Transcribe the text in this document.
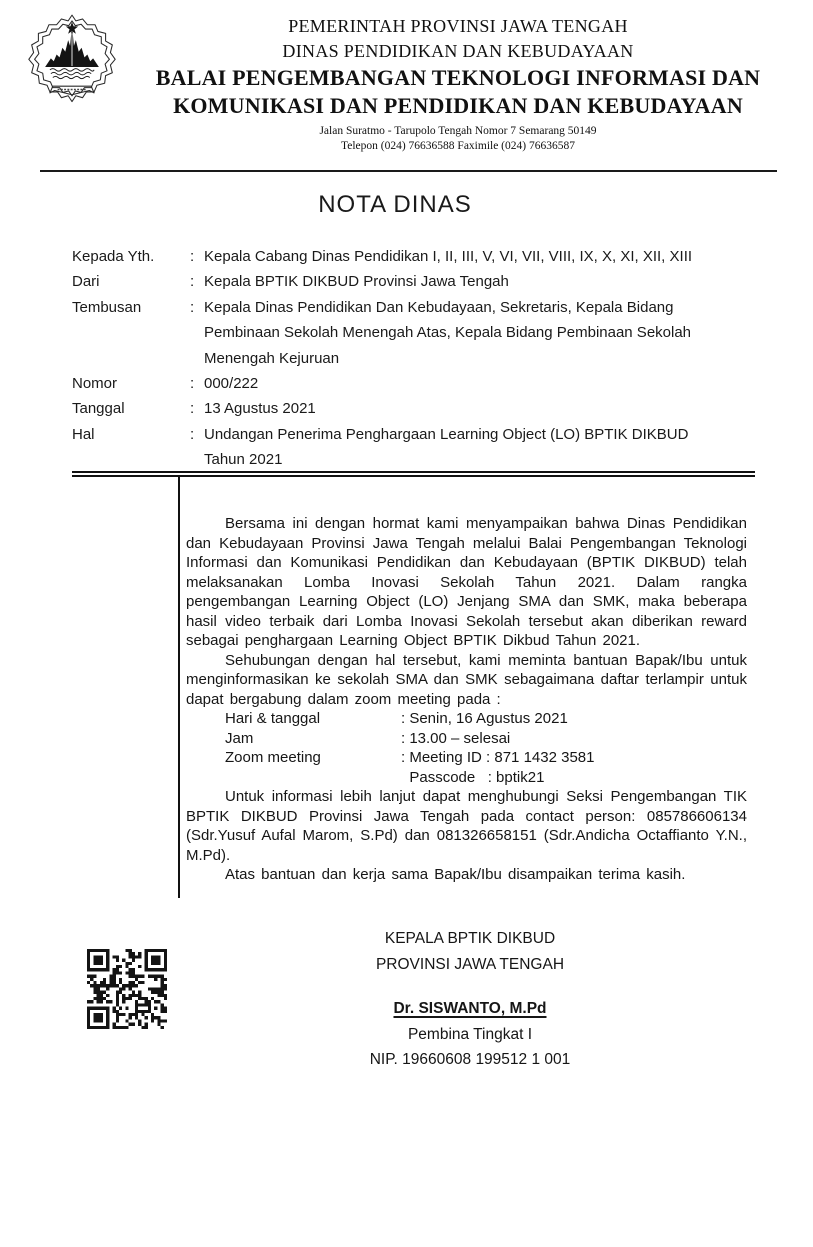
PEMERINTAH PROVINSI JAWA TENGAH
DINAS PENDIDIKAN DAN KEBUDAYAAN
BALAI PENGEMBANGAN TEKNOLOGI INFORMASI DAN
KOMUNIKASI DAN PENDIDIKAN DAN KEBUDAYAAN
Jalan Suratmo - Tarupolo Tengah Nomor 7 Semarang 50149
Telepon (024) 76636588 Faximile (024) 76636587
NOTA DINAS
Kepada Yth.	: Kepala Cabang Dinas Pendidikan I, II, III, V, VI, VII, VIII, IX, X, XI, XII, XIII
Dari	: Kepala BPTIK DIKBUD Provinsi Jawa Tengah
Tembusan	: Kepala Dinas Pendidikan Dan Kebudayaan, Sekretaris, Kepala Bidang Pembinaan Sekolah Menengah Atas, Kepala Bidang Pembinaan Sekolah Menengah Kejuruan
Nomor	: 000/222
Tanggal	: 13 Agustus 2021
Hal	: Undangan Penerima Penghargaan Learning Object (LO) BPTIK DIKBUD Tahun 2021

Bersama ini dengan hormat kami menyampaikan bahwa Dinas Pendidikan dan Kebudayaan Provinsi Jawa Tengah melalui Balai Pengembangan Teknologi Informasi dan Komunikasi Pendidikan dan Kebudayaan (BPTIK DIKBUD) telah melaksanakan Lomba Inovasi Sekolah Tahun 2021. Dalam rangka pengembangan Learning Object (LO) Jenjang SMA dan SMK, maka beberapa hasil video terbaik dari Lomba Inovasi Sekolah tersebut akan diberikan reward sebagai penghargaan Learning Object BPTIK Dikbud Tahun 2021.

Sehubungan dengan hal tersebut, kami meminta bantuan Bapak/Ibu untuk menginformasikan ke sekolah SMA dan SMK sebagaimana daftar terlampir untuk dapat bergabung dalam zoom meeting pada :

Hari & tanggal	: Senin, 16 Agustus 2021
Jam	: 13.00 – selesai
Zoom meeting	: Meeting ID : 871 1432 3581
Passcode   : bptik21

Untuk informasi lebih lanjut dapat menghubungi Seksi Pengembangan TIK BPTIK DIKBUD Provinsi Jawa Tengah pada contact person: 085786606134 (Sdr.Yusuf Aufal Marom, S.Pd) dan 081326658151 (Sdr.Andicha Octaffianto Y.N., M.Pd).

Atas bantuan dan kerja sama Bapak/Ibu disampaikan terima kasih.

KEPALA BPTIK DIKBUD
PROVINSI JAWA TENGAH
Dr. SISWANTO, M.Pd
Pembina Tingkat I
NIP. 19660608 199512 1 001
